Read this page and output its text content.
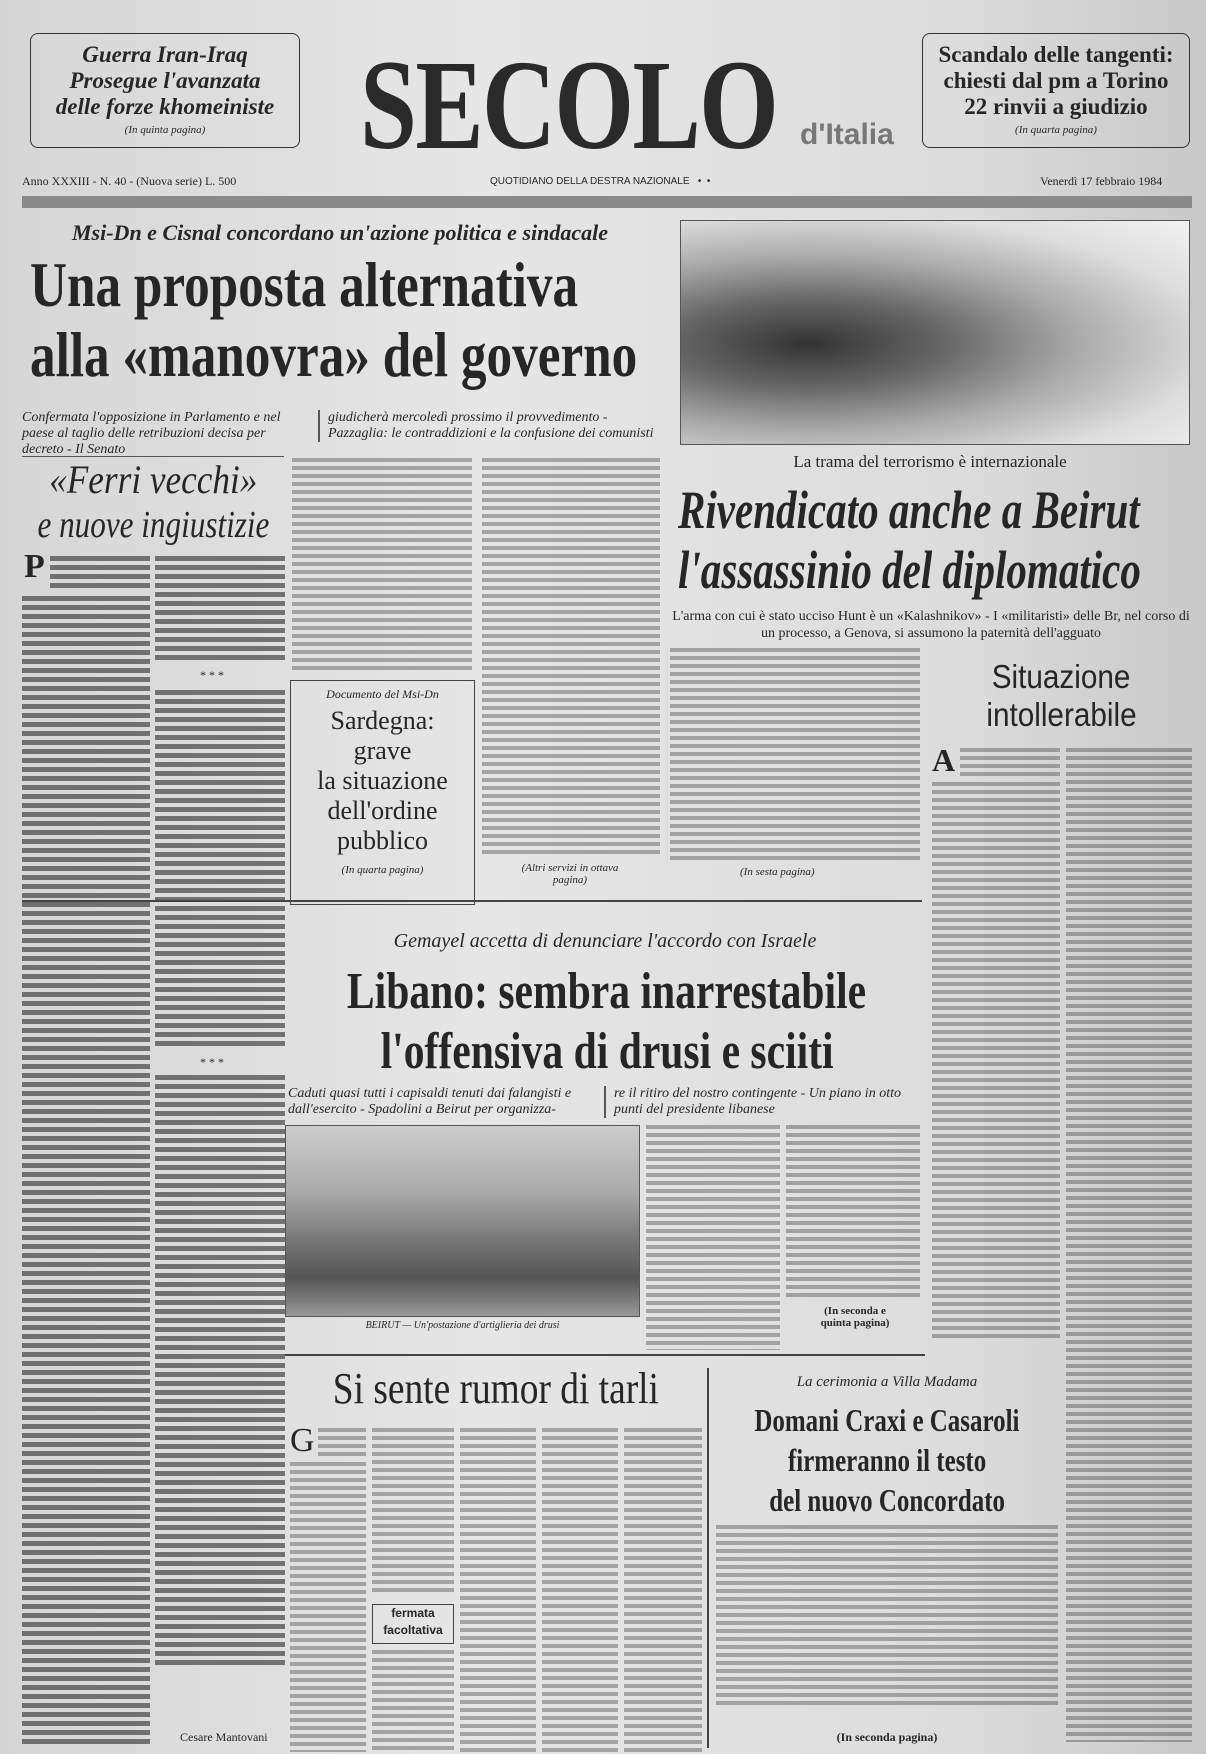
Guerra Iran-Iraq
Prosegue l'avanzata
delle forze khomeiniste
(In quinta pagina)
Scandalo delle tangenti:
chiesti dal pm a Torino
22 rinvii a giudizio
(In quarta pagina)
SECOLO d'Italia
Anno XXXIII - N. 40 - (Nuova serie) L. 500	QUOTIDIANO DELLA DESTRA NAZIONALE   •  •	Venerdì 17 febbraio 1984
Msi-Dn e Cisnal concordano un'azione politica e sindacale
Una proposta alternativa
alla «manovra» del governo
Confermata l'opposizione in Parlamento e nel paese al taglio delle retribuzioni decisa per decreto - Il Senato
giudicherà mercoledì prossimo il provvedimento - Pazzaglia: le contraddizioni e la confusione dei comunisti
«Ferri vecchi»
e nuove ingiustizie
P
* * *
* * *
Cesare Mantovani
(Altri servizi in ottava pagina)
Documento del Msi-Dn
Sardegna:
grave
la situazione
dell'ordine
pubblico
(In quarta pagina)
La trama del terrorismo è internazionale
Rivendicato anche a Beirut
l'assassinio del diplomatico
L'arma con cui è stato ucciso Hunt è un «Kalashnikov» - I «militaristi» delle Br, nel corso di un processo, a Genova, si assumono la paternità dell'agguato
(In sesta pagina)
Situazione
intollerabile
A
Gemayel accetta di denunciare l'accordo con Israele
Libano: sembra inarrestabile
l'offensiva di drusi e sciiti
Caduti quasi tutti i capisaldi tenuti dai falangisti e dall'esercito - Spadolini a Beirut per organizza-
re il ritiro del nostro contingente - Un piano in otto punti del presidente libanese
BEIRUT — Un'postazione d'artiglieria dei drusi
(In seconda e quinta pagina)
Si sente rumor di tarli
G
fermata
facoltativa
La cerimonia a Villa Madama
Domani Craxi e Casaroli
firmeranno il testo
del nuovo Concordato
(In seconda pagina)
